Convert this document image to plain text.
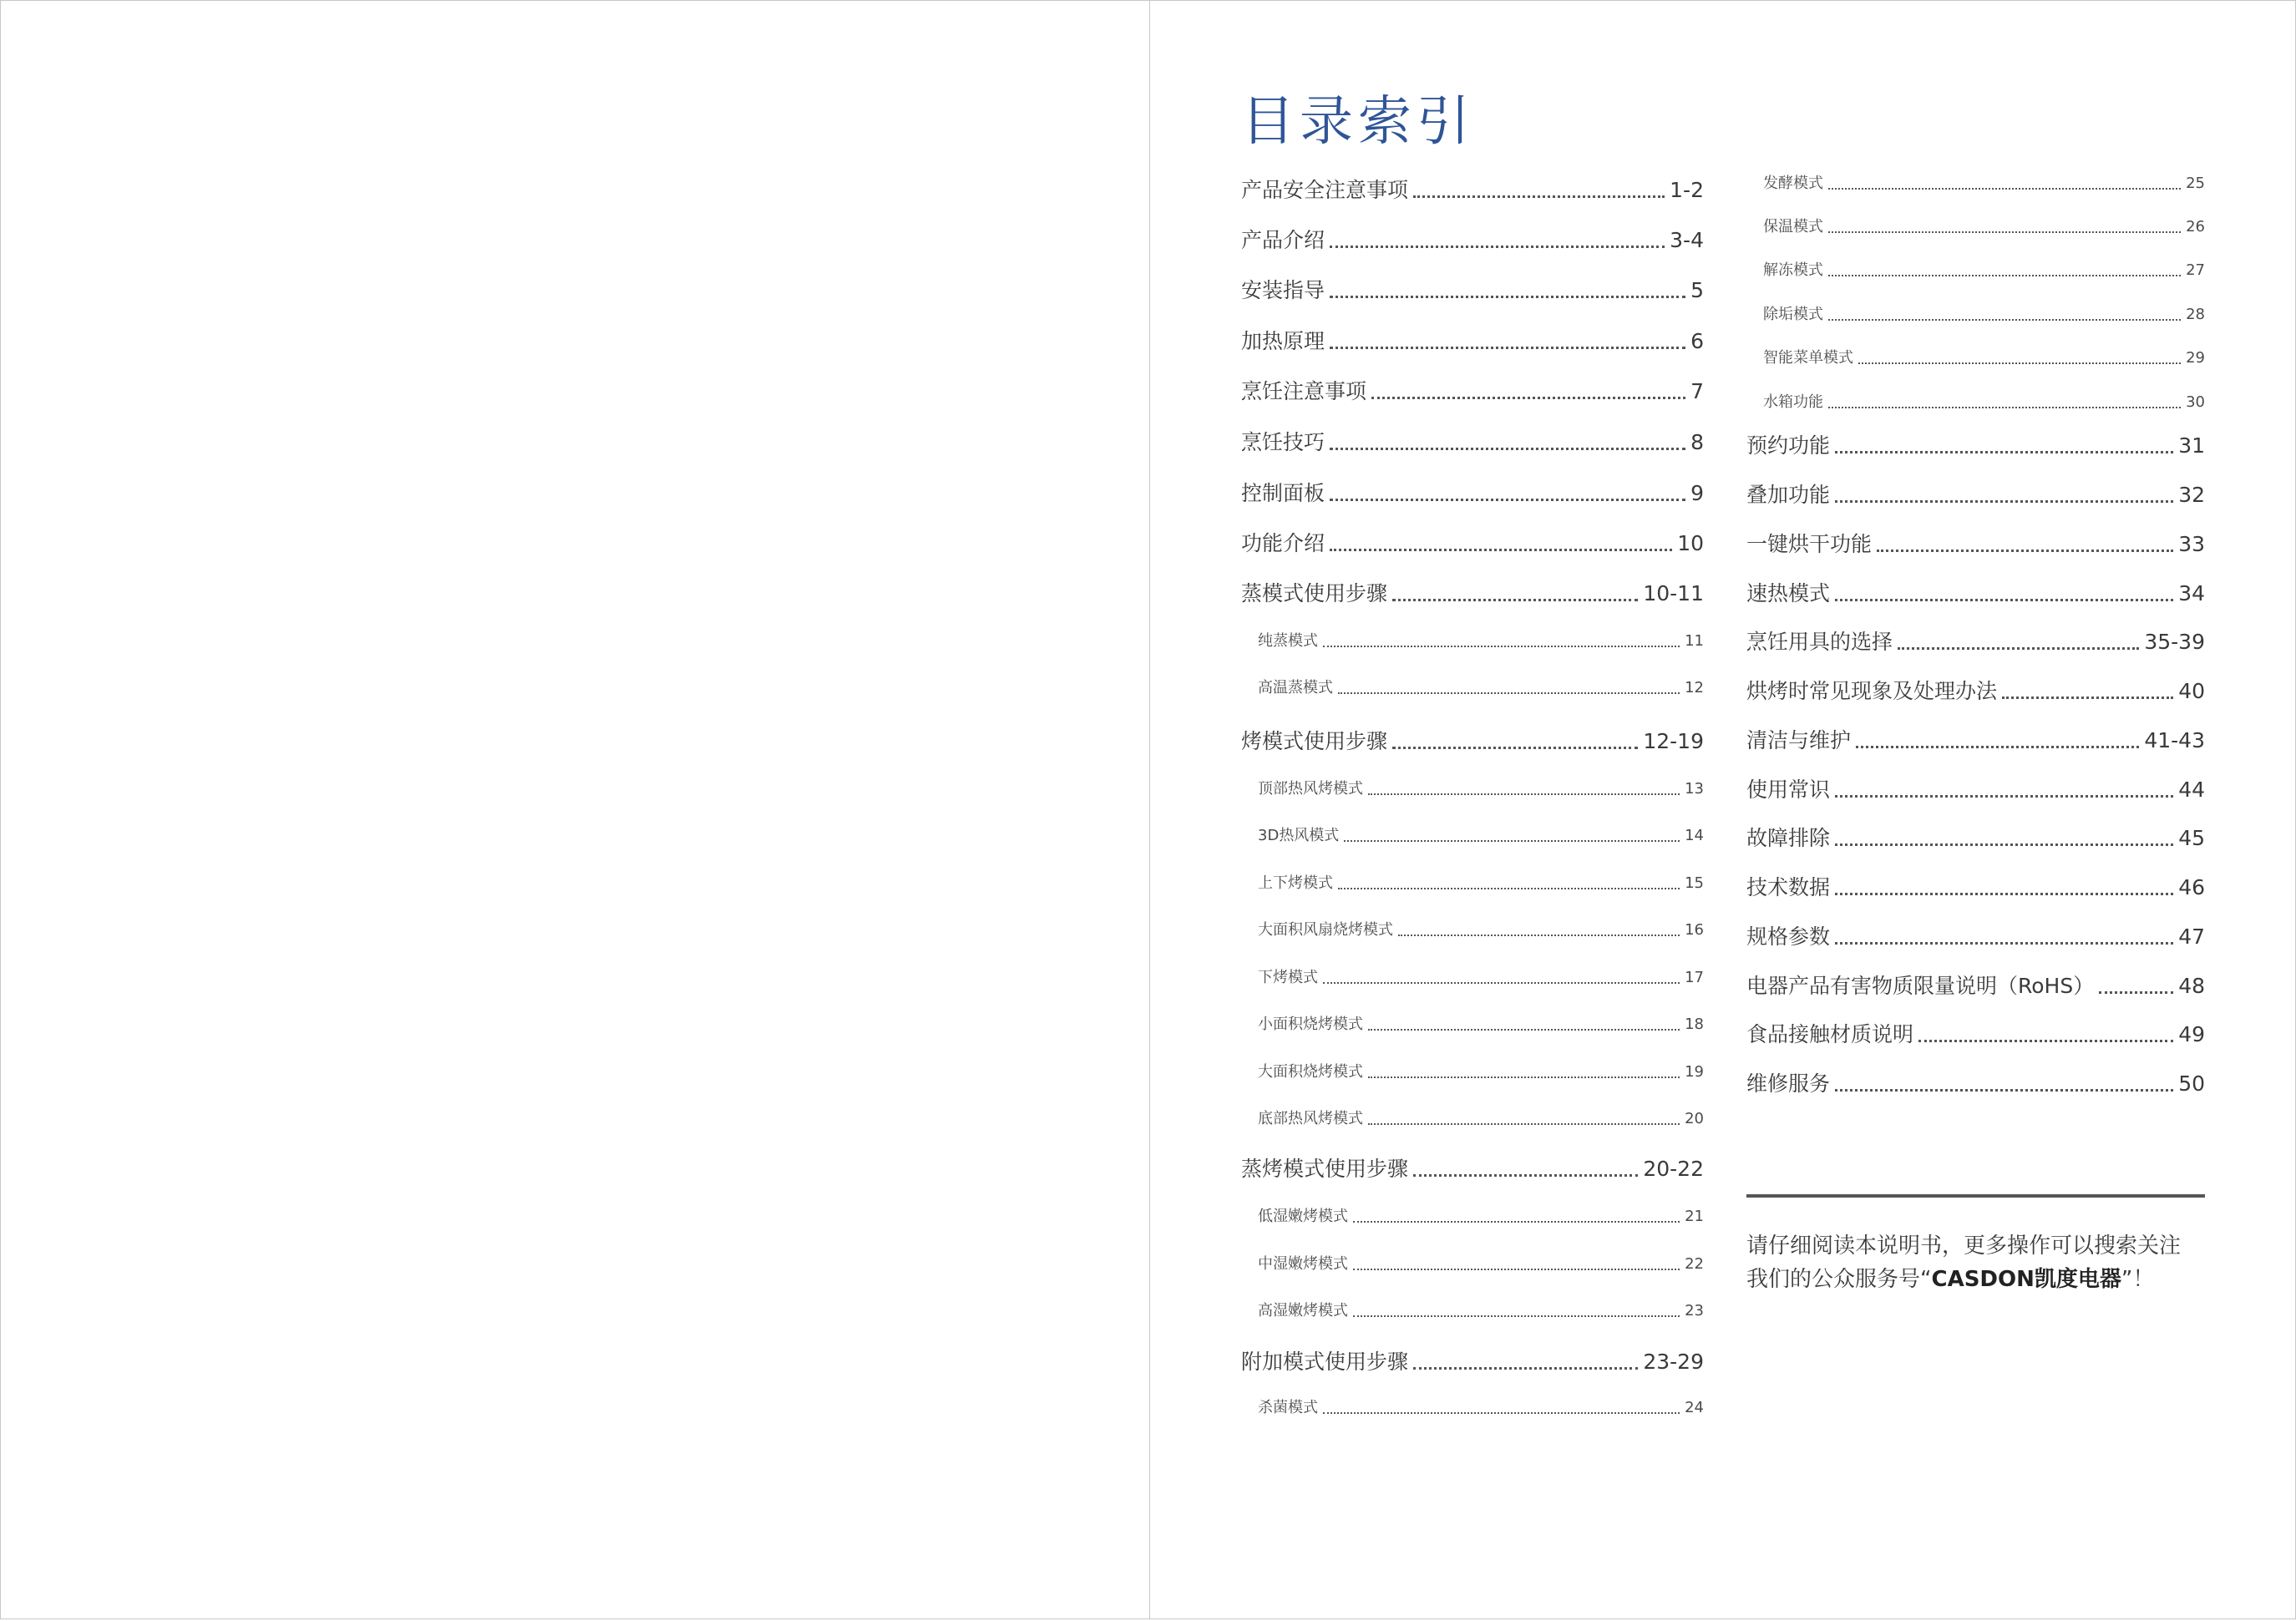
目录索引
产品安全注意事项	1-2
产品介绍	3-4
安装指导	5
加热原理	6
烹饪注意事项	7
烹饪技巧	8
控制面板	9
功能介绍	10
蒸模式使用步骤	10-11
纯蒸模式	11
高温蒸模式	12
烤模式使用步骤	12-19
顶部热风烤模式	13
3D热风模式	14
上下烤模式	15
大面积风扇烧烤模式	16
下烤模式	17
小面积烧烤模式	18
大面积烧烤模式	19
底部热风烤模式	20
蒸烤模式使用步骤	20-22
低湿嫩烤模式	21
中湿嫩烤模式	22
高湿嫩烤模式	23
附加模式使用步骤	23-29
杀菌模式	24
发酵模式	25
保温模式	26
解冻模式	27
除垢模式	28
智能菜单模式	29
水箱功能	30
预约功能	31
叠加功能	32
一键烘干功能	33
速热模式	34
烹饪用具的选择	35-39
烘烤时常见现象及处理办法	40
清洁与维护	41-43
使用常识	44
故障排除	45
技术数据	46
规格参数	47
电器产品有害物质限量说明（RoHS）	48
食品接触材质说明	49
维修服务	50

请仔细阅读本说明书，更多操作可以搜索关注
我们的公众服务号“CASDON凯度电器”！
